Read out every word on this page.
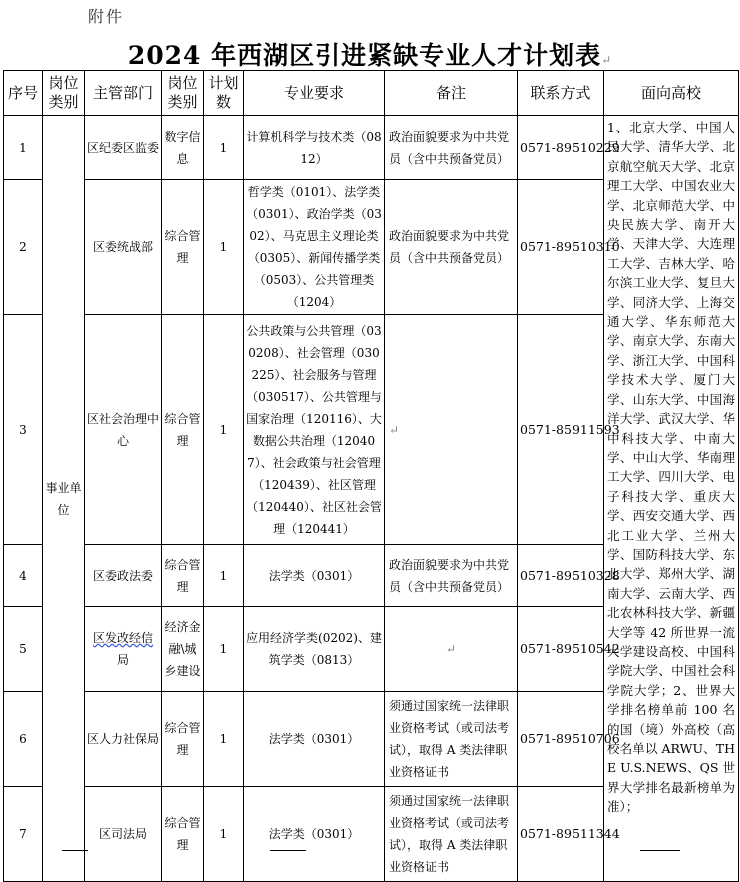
附件
2024 年西湖区引进紧缺专业人才计划表↵
序号	岗位类别	主管部门	岗位类别	计划数	专业要求	备注	联系方式	面向高校
1	事业单位	区纪委区监委	数字信息	1	计算机科学与技术类（0812）	政治面貌要求为中共党员（含中共预备党员）	0571-89510229	1、北京大学、中国人民大学、清华大学、北京航空航天大学、北京理工大学、中国农业大学、北京师范大学、中央民族大学、南开大学、天津大学、大连理工大学、吉林大学、哈尔滨工业大学、复旦大学、同济大学、上海交通大学、华东师范大学、南京大学、东南大学、浙江大学、中国科学技术大学、厦门大学、山东大学、中国海洋大学、武汉大学、华中科技大学、中南大学、中山大学、华南理工大学、四川大学、电子科技大学、重庆大学、西安交通大学、西北工业大学、兰州大学、国防科技大学、东北大学、郑州大学、湖南大学、云南大学、西北农林科技大学、新疆大学等 42 所世界一流大学建设高校、中国科学院大学、中国社会科学院大学；2、世界大学排名榜单前 100 名的国（境）外高校（高校名单以 ARWU、THE U.S.NEWS、QS 世界大学排名最新榜单为准）；
2		区委统战部	综合管理	1	哲学类（0101）、法学类（0301）、政治学类（0302）、马克思主义理论类（0305）、新闻传播学类（0503）、公共管理类（1204）	政治面貌要求为中共党员（含中共预备党员）	0571-89510310	
3		区社会治理中心	综合管理	1	公共政策与公共管理（030208）、社会管理（030225）、社会服务与管理（030517）、公共管理与国家治理（120116）、大数据公共治理（120407）、社会政策与社会管理（120439）、社区管理（120440）、社区社会管理（120441）	↵	0571-85911593	
4		区委政法委	综合管理	1	法学类（0301）	政治面貌要求为中共党员（含中共预备党员）	0571-89510328	
5		区发改经信局	经济金融\城乡建设	1	应用经济学类(0202)、建筑学类（0813）	↵	0571-89510542	
6		区人力社保局	综合管理	1	法学类（0301）	须通过国家统一法律职业资格考试（或司法考试），取得 A 类法律职业资格证书	0571-89510706	
7		区司法局	综合管理	1	法学类（0301）	须通过国家统一法律职业资格考试（或司法考试），取得 A 类法律职业资格证书	0571-89511344	
